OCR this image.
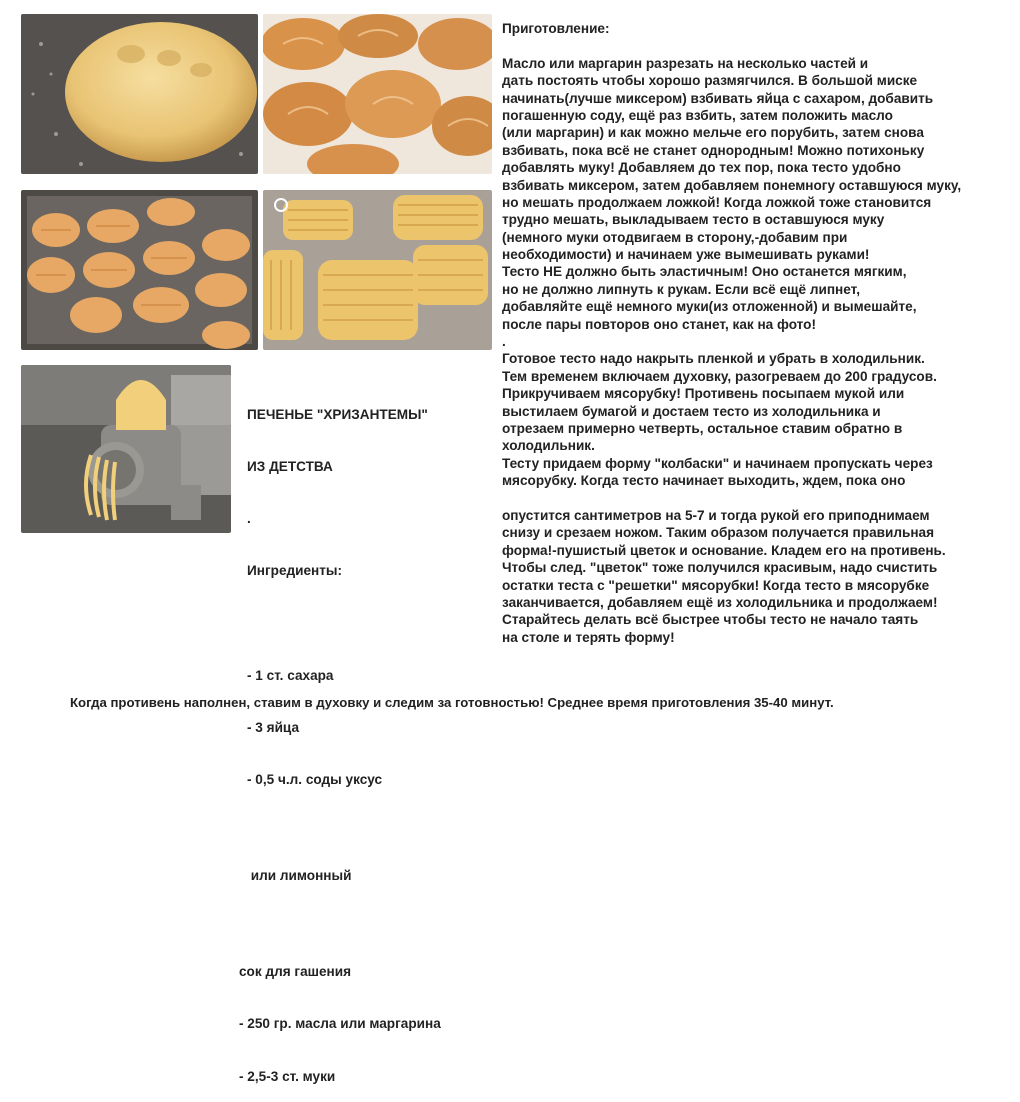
Приготовление:
Масло или маргарин разрезать на несколько частей и
дать постоять чтобы хорошо размягчился. В большой миске
начинать(лучше миксером) взбивать яйца с сахаром, добавить
погашенную соду, ещё раз взбить, затем положить масло
(или маргарин) и как можно мельче его порубить, затем снова
взбивать, пока всё не станет однородным! Можно потихоньку
добавлять муку! Добавляем до тех пор, пока тесто удобно
взбивать миксером, затем добавляем понемногу оставшуюся муку,
но мешать продолжаем ложкой! Когда ложкой тоже становится
трудно мешать, выкладываем тесто в оставшуюся муку
(немного муки отодвигаем в сторону,-добавим при
необходимости) и начинаем уже вымешивать руками!
Тесто НЕ должно быть эластичным! Оно останется мягким,
но не должно липнуть к рукам. Если всё ещё липнет,
добавляйте ещё немного муки(из отложенной) и вымешайте,
после пары повторов оно станет, как на фото!
.
Готовое тесто надо накрыть пленкой и убрать в холодильник.
Тем временем включаем духовку, разогреваем до 200 градусов.
Прикручиваем мясорубку! Противень посыпаем мукой или
выстилаем бумагой и достаем тесто из холодильника и
отрезаем примерно четверть, остальное ставим обратно в
холодильник.
Тесту придаем форму "колбаски" и начинаем пропускать через
мясорубку. Когда тесто начинает выходить, ждем, пока оно
опустится сантиметров на 5-7 и тогда рукой его приподнимаем
снизу и срезаем ножом. Таким образом получается правильная
форма!-пушистый цветок и основание. Кладем его на противень.
Чтобы след. "цветок" тоже получился красивым, надо счистить
остатки теста с "решетки" мясорубки! Когда тесто в мясорубке
заканчивается, добавляем ещё из холодильника и продолжаем!
Старайтесь делать всё быстрее чтобы тесто не начало таять
на столе и терять форму!

ПЕЧЕНЬЕ "ХРИЗАНТЕМЫ"

ИЗ ДЕТСТВА

.

Ингредиенты:

- 1 ст. сахара

- 3 яйца

- 0,5 ч.л. соды уксус

или лимонный

сок для гашения

- 250 гр. масла или маргарина

- 2,5-3 ст. муки

Когда противень наполнен, ставим в духовку и следим за готовностью! Среднее время приготовления 35-40 минут.
